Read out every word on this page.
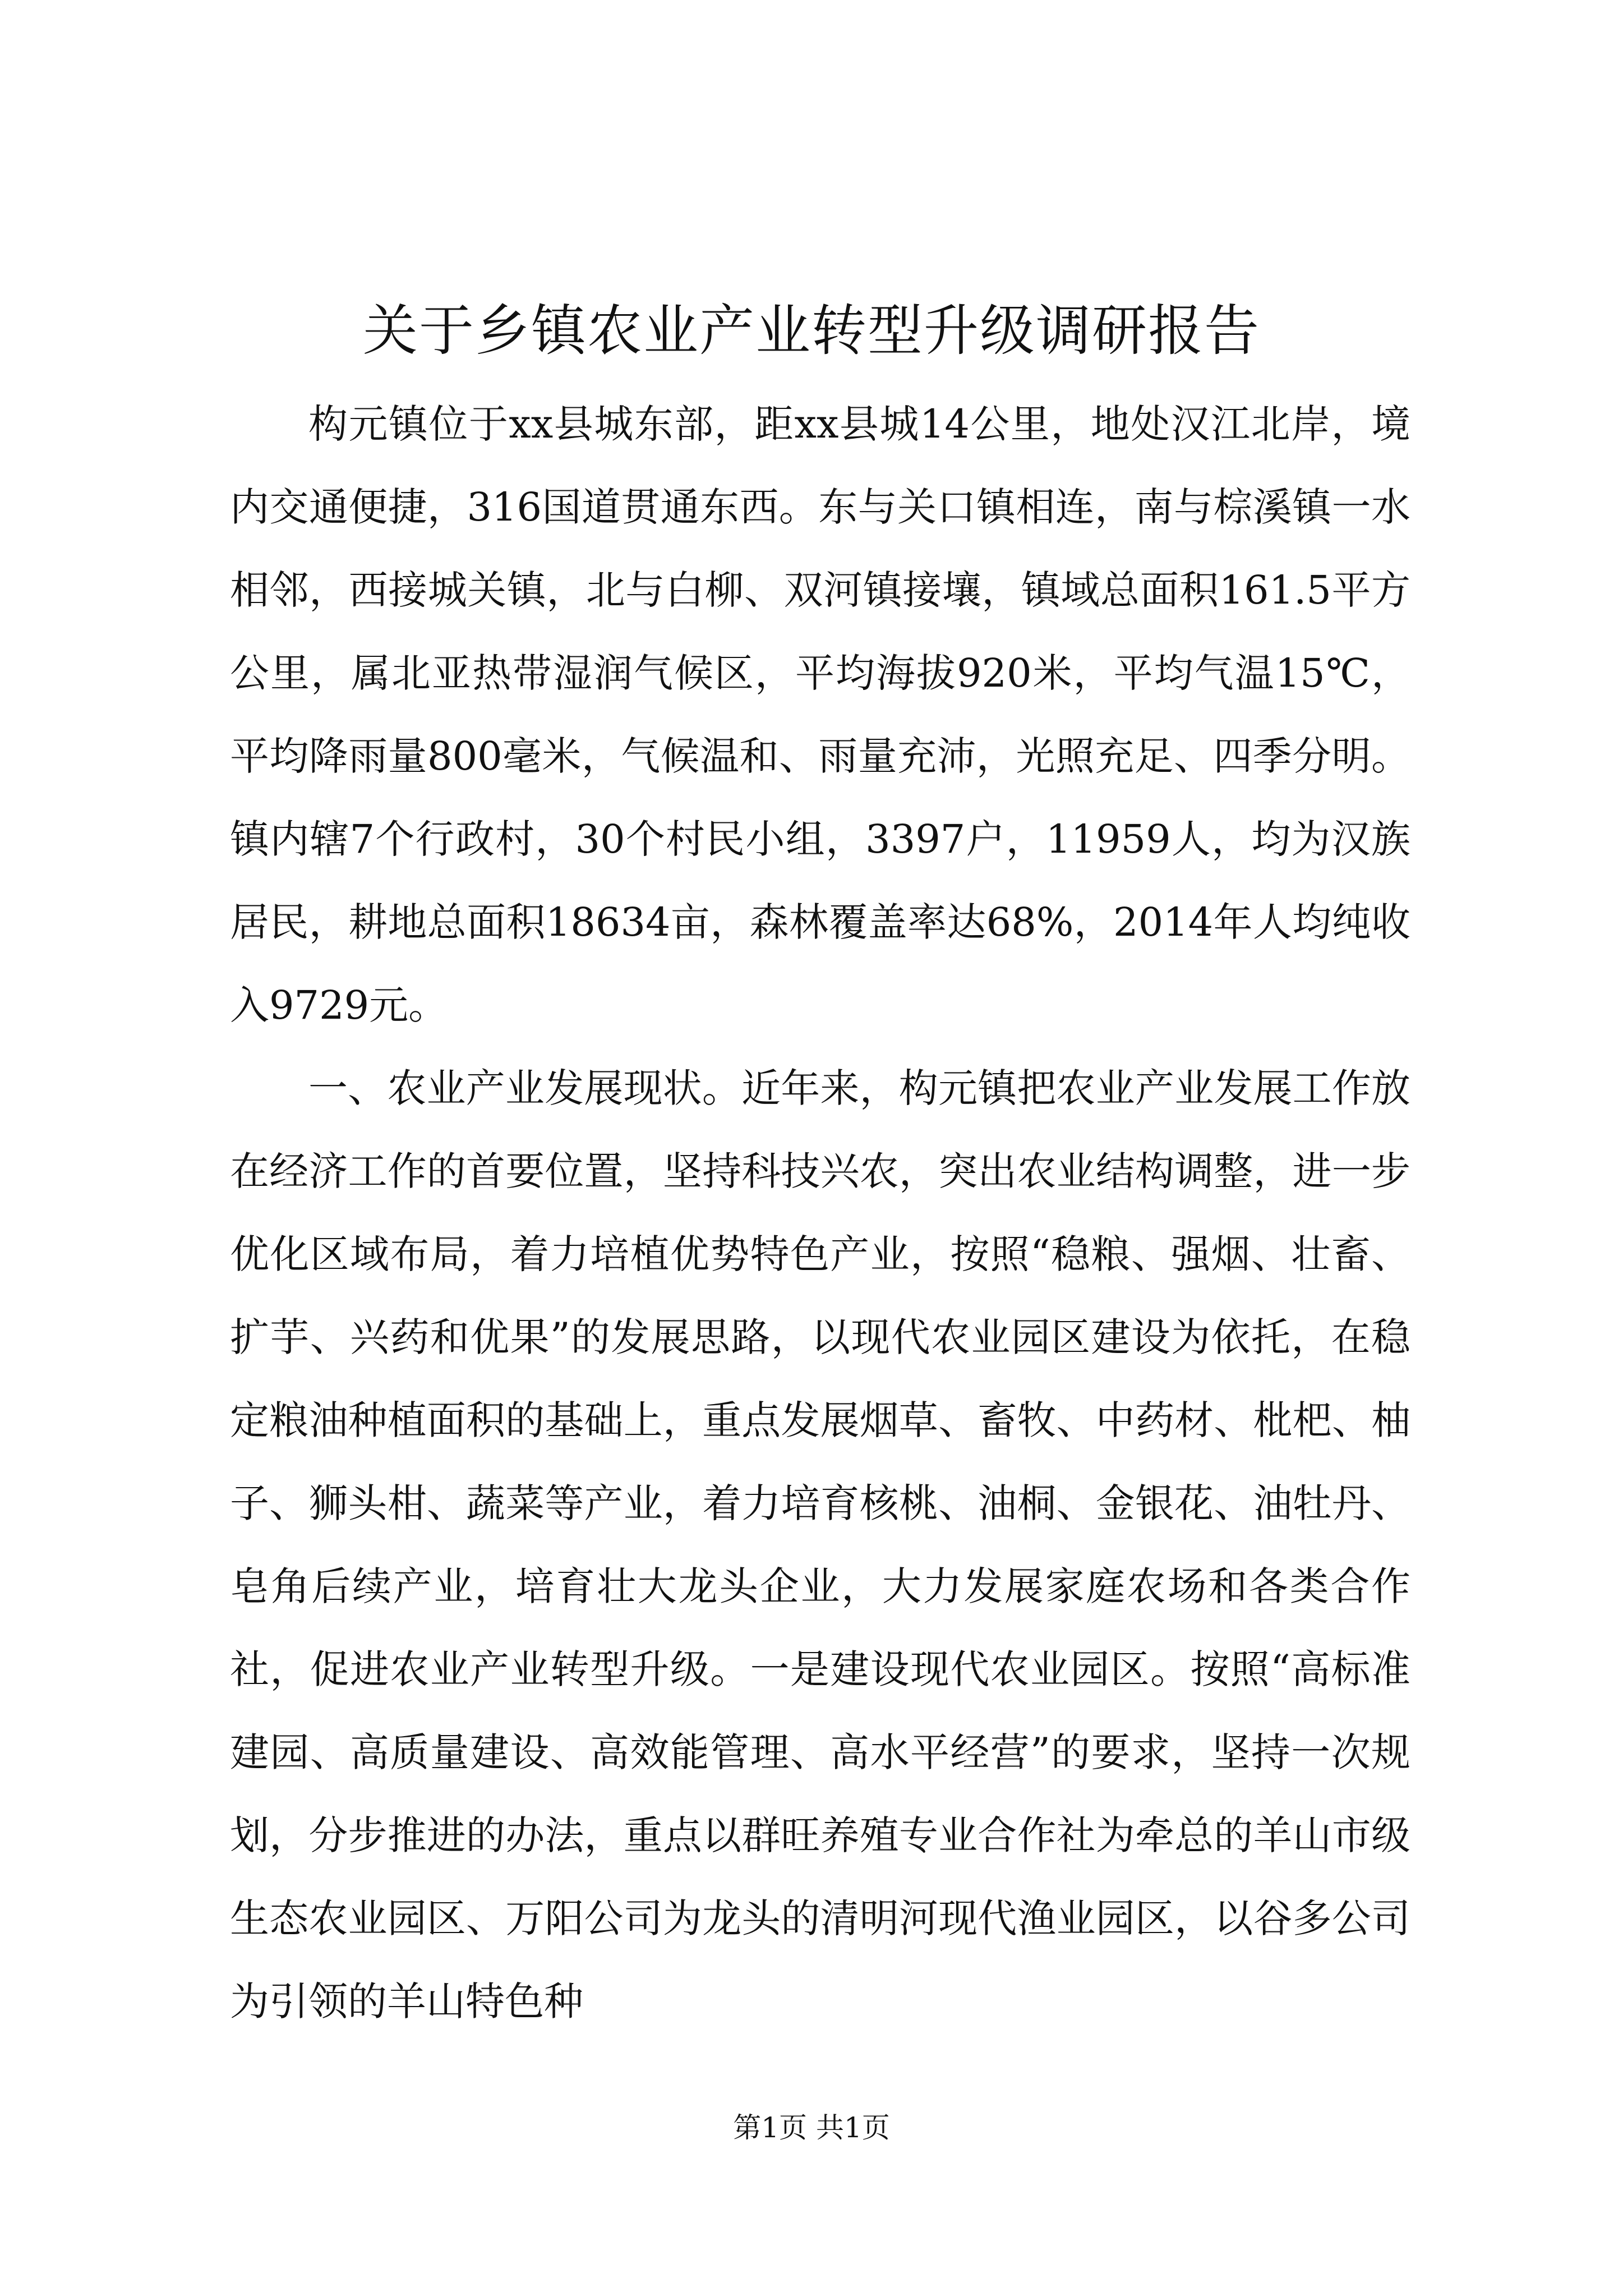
关于乡镇农业产业转型升级调研报告

构元镇位于xx县城东部，距xx县城14公里，地处汉江北岸，境内交通便捷，316国道贯通东西。东与关口镇相连，南与棕溪镇一水相邻，西接城关镇，北与白柳、双河镇接壤，镇域总面积161.5平方公里，属北亚热带湿润气候区，平均海拔920米，平均气温15℃，平均降雨量800毫米，气候温和、雨量充沛，光照充足、四季分明。镇内辖7个行政村，30个村民小组，3397户，11959人，均为汉族居民，耕地总面积18634亩，森林覆盖率达68%，2014年人均纯收入9729元。

一、农业产业发展现状。近年来，构元镇把农业产业发展工作放在经济工作的首要位置，坚持科技兴农，突出农业结构调整，进一步优化区域布局，着力培植优势特色产业，按照“稳粮、强烟、壮畜、扩芋、兴药和优果”的发展思路，以现代农业园区建设为依托，在稳定粮油种植面积的基础上，重点发展烟草、畜牧、中药材、枇杷、柚子、狮头柑、蔬菜等产业，着力培育核桃、油桐、金银花、油牡丹、皂角后续产业，培育壮大龙头企业，大力发展家庭农场和各类合作社，促进农业产业转型升级。一是建设现代农业园区。按照“高标准建园、高质量建设、高效能管理、高水平经营”的要求，坚持一次规划，分步推进的办法，重点以群旺养殖专业合作社为牵总的羊山市级生态农业园区、万阳公司为龙头的清明河现代渔业园区，以谷多公司为引领的羊山特色种

第1页 共1页
